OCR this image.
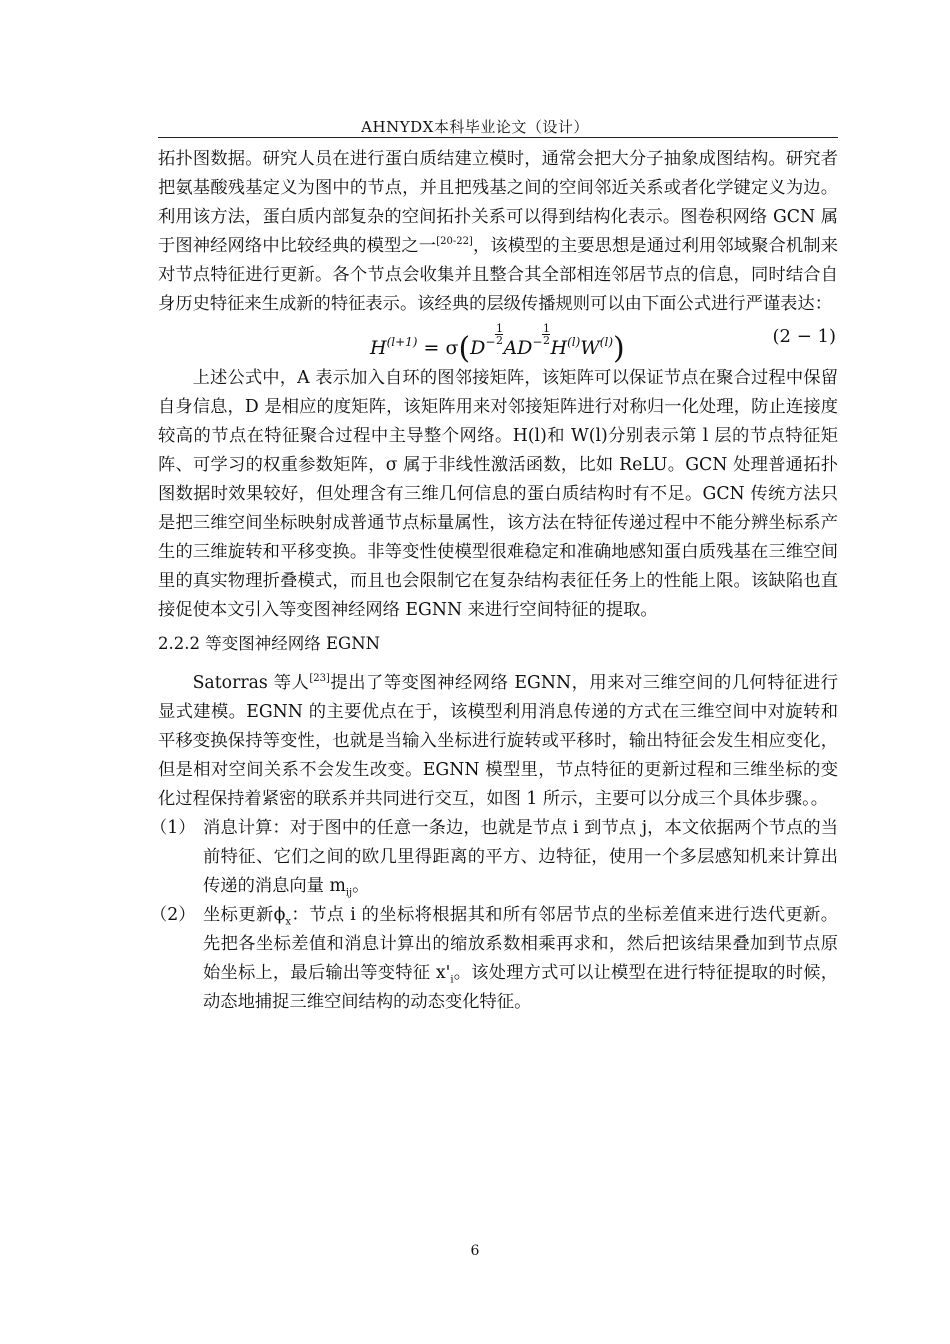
AHNYDX本科毕业论文（设计）

拓扑图数据。研究人员在进行蛋白质结建立模时，通常会把大分子抽象成图结构。研究者把氨基酸残基定义为图中的节点，并且把残基之间的空间邻近关系或者化学键定义为边。利用该方法，蛋白质内部复杂的空间拓扑关系可以得到结构化表示。图卷积网络 GCN 属于图神经网络中比较经典的模型之一[20-22]，该模型的主要思想是通过利用邻域聚合机制来对节点特征进行更新。各个节点会收集并且整合其全部相连邻居节点的信息，同时结合自身历史特征来生成新的特征表示。该经典的层级传播规则可以由下面公式进行严谨表达：

$H^{(l+1)} = \sigma(D^- \frac{1}{2}$
$AD^- \frac{1}{2}$
$H^{(l)}W^{(l)}$)	(2 − 1)

上述公式中，A 表示加入自环的图邻接矩阵，该矩阵可以保证节点在聚合过程中保留自身信息，D 是相应的度矩阵，该矩阵用来对邻接矩阵进行对称归一化处理，防止连接度较高的节点在特征聚合过程中主导整个网络。H(l)和 W(l)分别表示第 l 层的节点特征矩阵、可学习的权重参数矩阵，σ 属于非线性激活函数，比如 ReLU。GCN 处理普通拓扑图数据时效果较好，但处理含有三维几何信息的蛋白质结构时有不足。GCN 传统方法只是把三维空间坐标映射成普通节点标量属性，该方法在特征传递过程中不能分辨坐标系产生的三维旋转和平移变换。非等变性使模型很难稳定和准确地感知蛋白质残基在三维空间里的真实物理折叠模式，而且也会限制它在复杂结构表征任务上的性能上限。该缺陷也直接促使本文引入等变图神经网络 EGNN 来进行空间特征的提取。

2.2.2 等变图神经网络 EGNN

Satorras 等人[23]提出了等变图神经网络 EGNN，用来对三维空间的几何特征进行显式建模。EGNN 的主要优点在于，该模型利用消息传递的方式在三维空间中对旋转和平移变换保持等变性，也就是当输入坐标进行旋转或平移时，输出特征会发生相应变化，但是相对空间关系不会发生改变。EGNN 模型里，节点特征的更新过程和三维坐标的变化过程保持着紧密的联系并共同进行交互，如图 1 所示，主要可以分成三个具体步骤。。

（1） 消息计算：对于图中的任意一条边，也就是节点 i 到节点 j，本文依据两个节点的当前特征、它们之间的欧几里得距离的平方、边特征，使用一个多层感知机来计算出传递的消息向量 $m_{ij}$。

（2） 坐标更新$\phi_x$：节点 i 的坐标将根据其和所有邻居节点的坐标差值来进行迭代更新。先把各坐标差值和消息计算出的缩放系数相乘再求和，然后把该结果叠加到节点原始坐标上，最后输出等变特征 $x'_i$。该处理方式可以让模型在进行特征提取的时候，动态地捕捉三维空间结构的动态变化特征。

6
